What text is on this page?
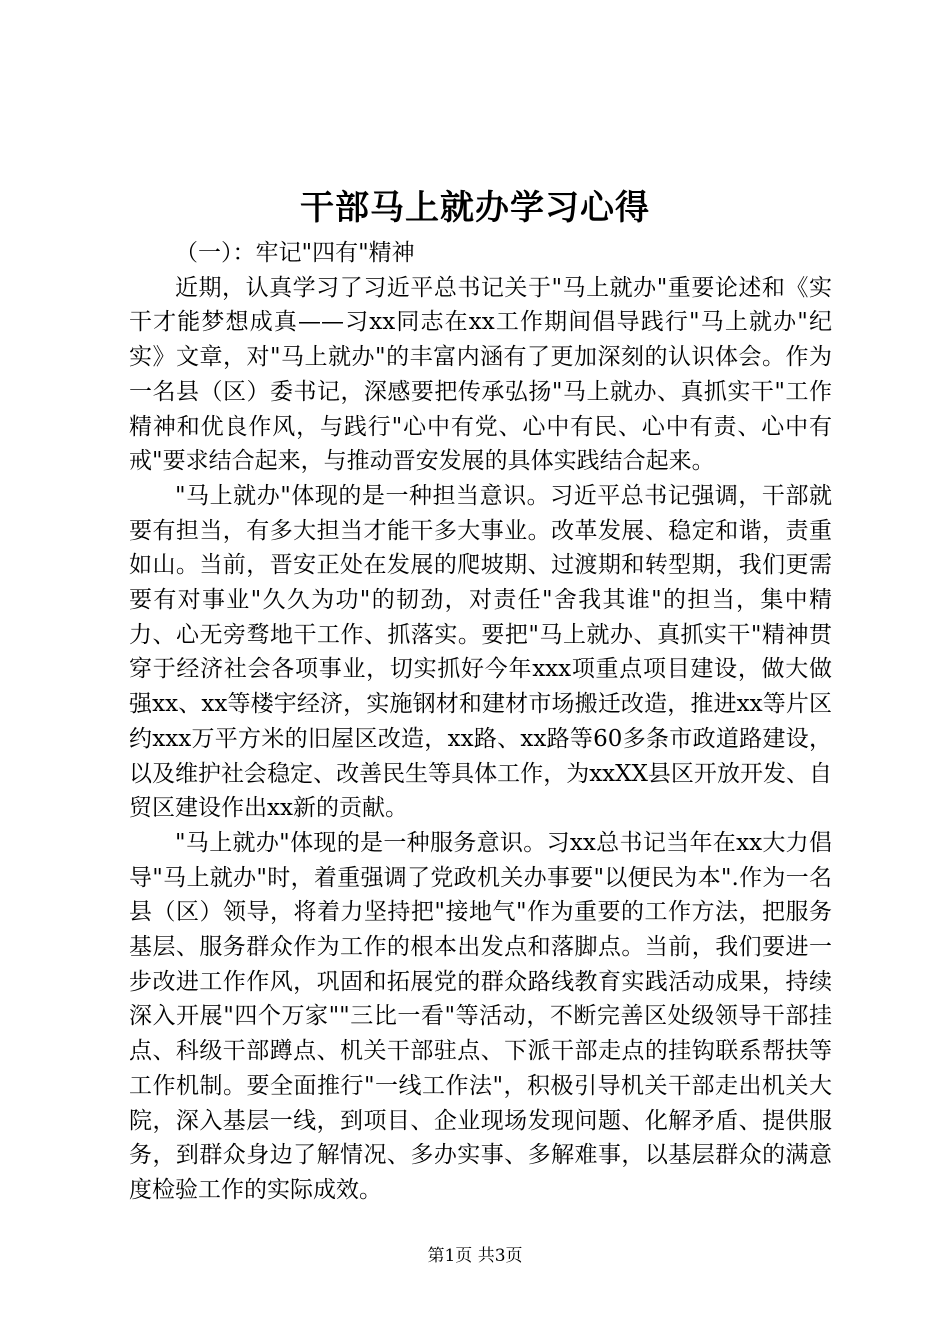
干部马上就办学习心得

（一）：牢记"四有"精神

近期，认真学习了习近平总书记关于"马上就办"重要论述和《实干才能梦想成真——习xx同志在xx工作期间倡导践行"马上就办"纪实》文章，对"马上就办"的丰富内涵有了更加深刻的认识体会。作为一名县（区）委书记，深感要把传承弘扬"马上就办、真抓实干"工作精神和优良作风，与践行"心中有党、心中有民、心中有责、心中有戒"要求结合起来，与推动晋安发展的具体实践结合起来。

"马上就办"体现的是一种担当意识。习近平总书记强调，干部就要有担当，有多大担当才能干多大事业。改革发展、稳定和谐，责重如山。当前，晋安正处在发展的爬坡期、过渡期和转型期，我们更需要有对事业"久久为功"的韧劲，对责任"舍我其谁"的担当，集中精力、心无旁骛地干工作、抓落实。要把"马上就办、真抓实干"精神贯穿于经济社会各项事业，切实抓好今年xxx项重点项目建设，做大做强xx、xx等楼宇经济，实施钢材和建材市场搬迁改造，推进xx等片区约xxx万平方米的旧屋区改造，xx路、xx路等60多条市政道路建设，以及维护社会稳定、改善民生等具体工作，为xxXX县区开放开发、自贸区建设作出xx新的贡献。

"马上就办"体现的是一种服务意识。习xx总书记当年在xx大力倡导"马上就办"时，着重强调了党政机关办事要"以便民为本".作为一名县（区）领导，将着力坚持把"接地气"作为重要的工作方法，把服务基层、服务群众作为工作的根本出发点和落脚点。当前，我们要进一步改进工作作风，巩固和拓展党的群众路线教育实践活动成果，持续深入开展"四个万家""三比一看"等活动，不断完善区处级领导干部挂点、科级干部蹲点、机关干部驻点、下派干部走点的挂钩联系帮扶等工作机制。要全面推行"一线工作法"，积极引导机关干部走出机关大院，深入基层一线，到项目、企业现场发现问题、化解矛盾、提供服务，到群众身边了解情况、多办实事、多解难事，以基层群众的满意度检验工作的实际成效。

第1页 共3页
